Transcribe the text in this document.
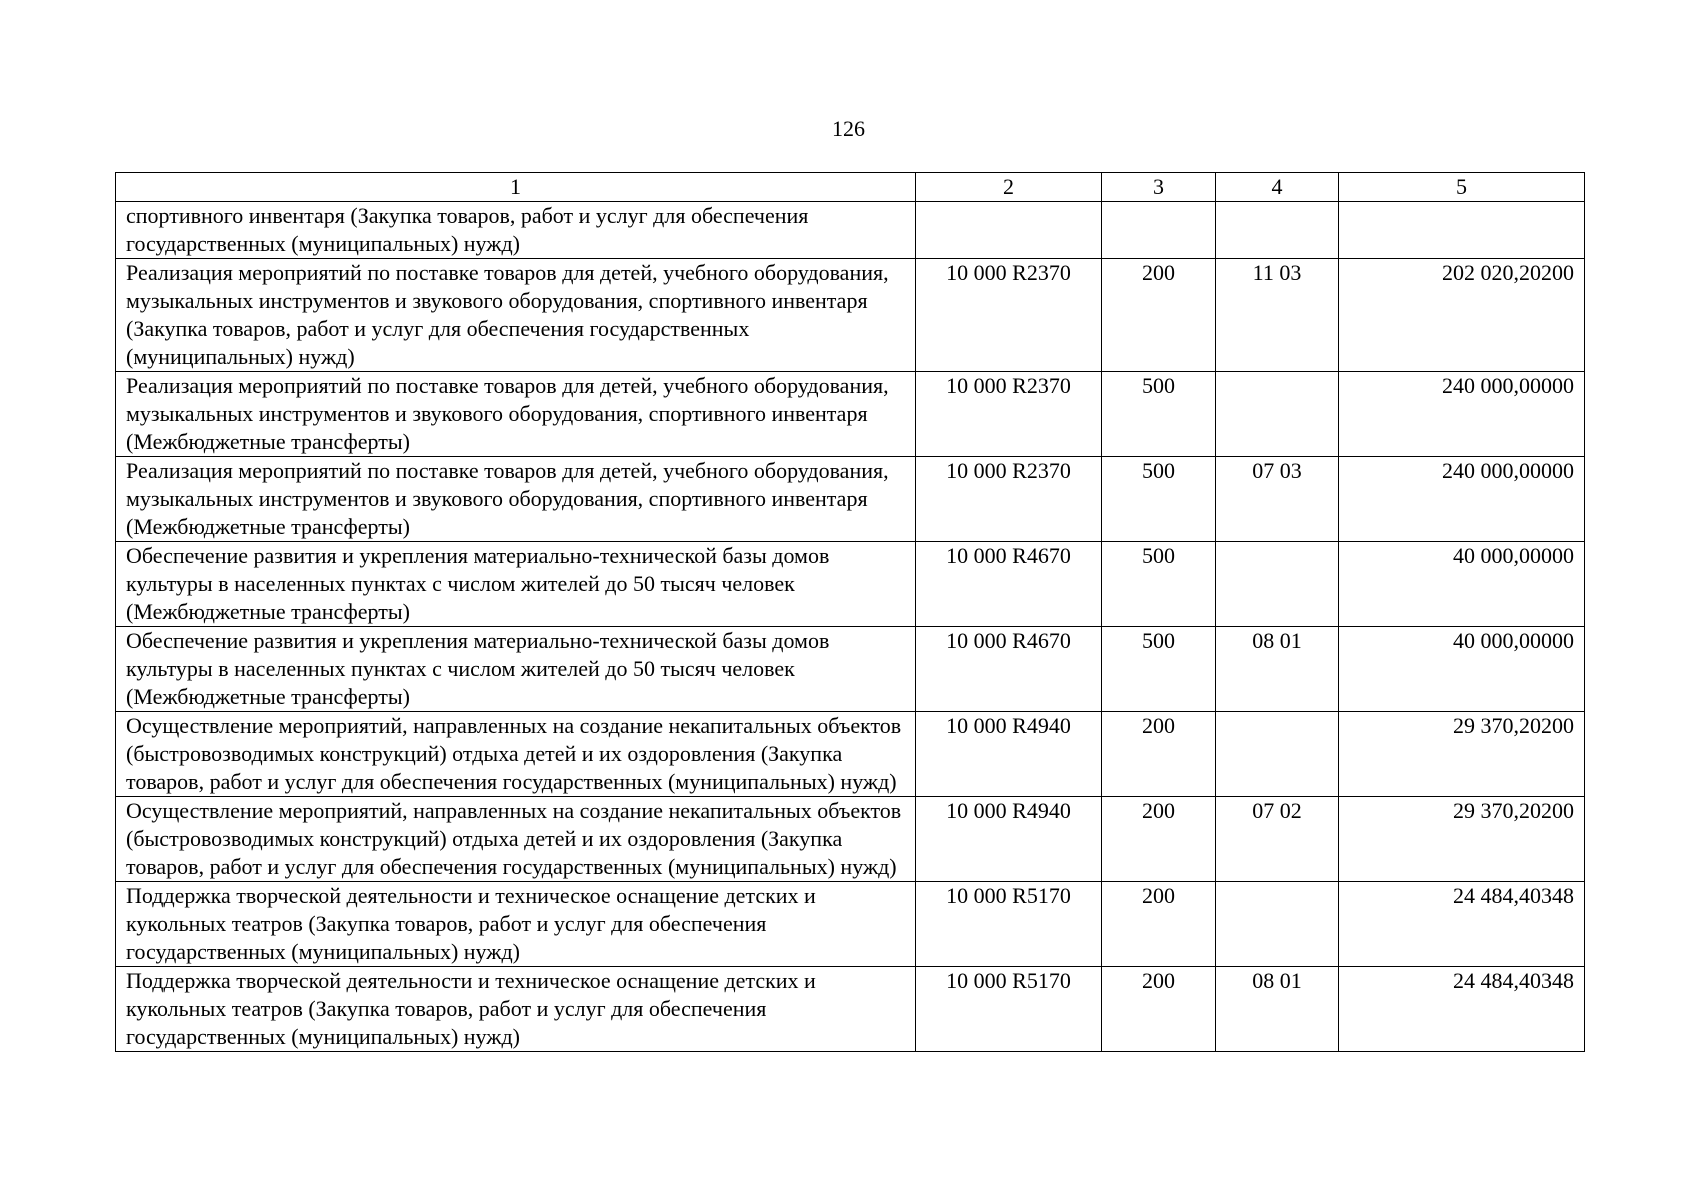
126
1	2	3	4	5
спортивного инвентаря (Закупка товаров, работ и услуг для обеспечения государственных (муниципальных) нужд)				
Реализация мероприятий по поставке товаров для детей, учебного оборудования, музыкальных инструментов и звукового оборудования, спортивного инвентаря (Закупка товаров, работ и услуг для обеспечения государственных (муниципальных) нужд)	10 000 R2370	200	11 03	202 020,20200
Реализация мероприятий по поставке товаров для детей, учебного оборудования, музыкальных инструментов и звукового оборудования, спортивного инвентаря (Межбюджетные трансферты)	10 000 R2370	500		240 000,00000
Реализация мероприятий по поставке товаров для детей, учебного оборудования, музыкальных инструментов и звукового оборудования, спортивного инвентаря (Межбюджетные трансферты)	10 000 R2370	500	07 03	240 000,00000
Обеспечение развития и укрепления материально-технической базы домов культуры в населенных пунктах с числом жителей до 50 тысяч человек (Межбюджетные трансферты)	10 000 R4670	500		40 000,00000
Обеспечение развития и укрепления материально-технической базы домов культуры в населенных пунктах с числом жителей до 50 тысяч человек (Межбюджетные трансферты)	10 000 R4670	500	08 01	40 000,00000
Осуществление мероприятий, направленных на создание некапитальных объектов (быстровозводимых конструкций) отдыха детей и их оздоровления (Закупка товаров, работ и услуг для обеспечения государственных (муниципальных) нужд)	10 000 R4940	200		29 370,20200
Осуществление мероприятий, направленных на создание некапитальных объектов (быстровозводимых конструкций) отдыха детей и их оздоровления (Закупка товаров, работ и услуг для обеспечения государственных (муниципальных) нужд)	10 000 R4940	200	07 02	29 370,20200
Поддержка творческой деятельности и техническое оснащение детских и кукольных театров (Закупка товаров, работ и услуг для обеспечения государственных (муниципальных) нужд)	10 000 R5170	200		24 484,40348
Поддержка творческой деятельности и техническое оснащение детских и кукольных театров (Закупка товаров, работ и услуг для обеспечения государственных (муниципальных) нужд)	10 000 R5170	200	08 01	24 484,40348
